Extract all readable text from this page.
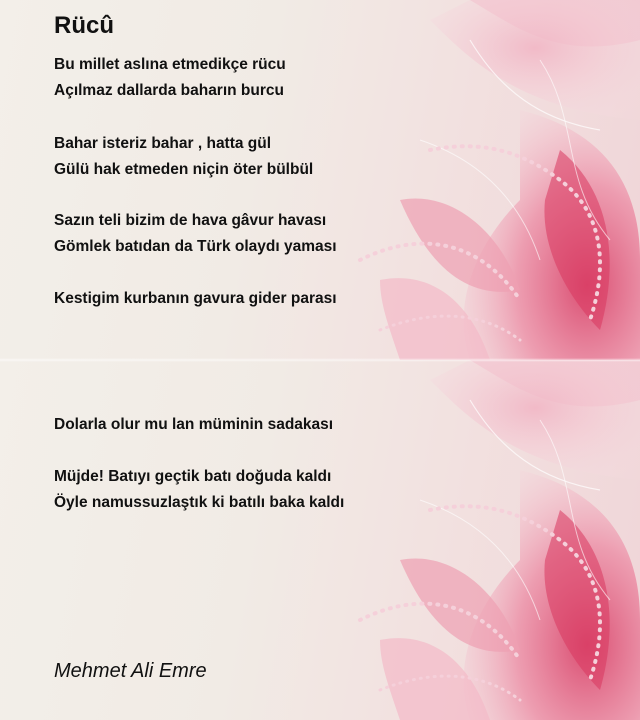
Rücû

Bu millet aslına etmedikçe rücu

Açılmaz dallarda baharın burcu

Bahar isteriz bahar , hatta gül

Gülü hak etmeden niçin öter bülbül

Sazın teli bizim de hava gâvur havası

Gömlek batıdan da Türk olaydı yaması

Kestigim kurbanın gavura gider parası

Dolarla olur mu lan müminin sadakası

Müjde! Batıyı geçtik batı doğuda kaldı

Öyle namussuzlaştık ki batılı baka kaldı

Mehmet Ali Emre
